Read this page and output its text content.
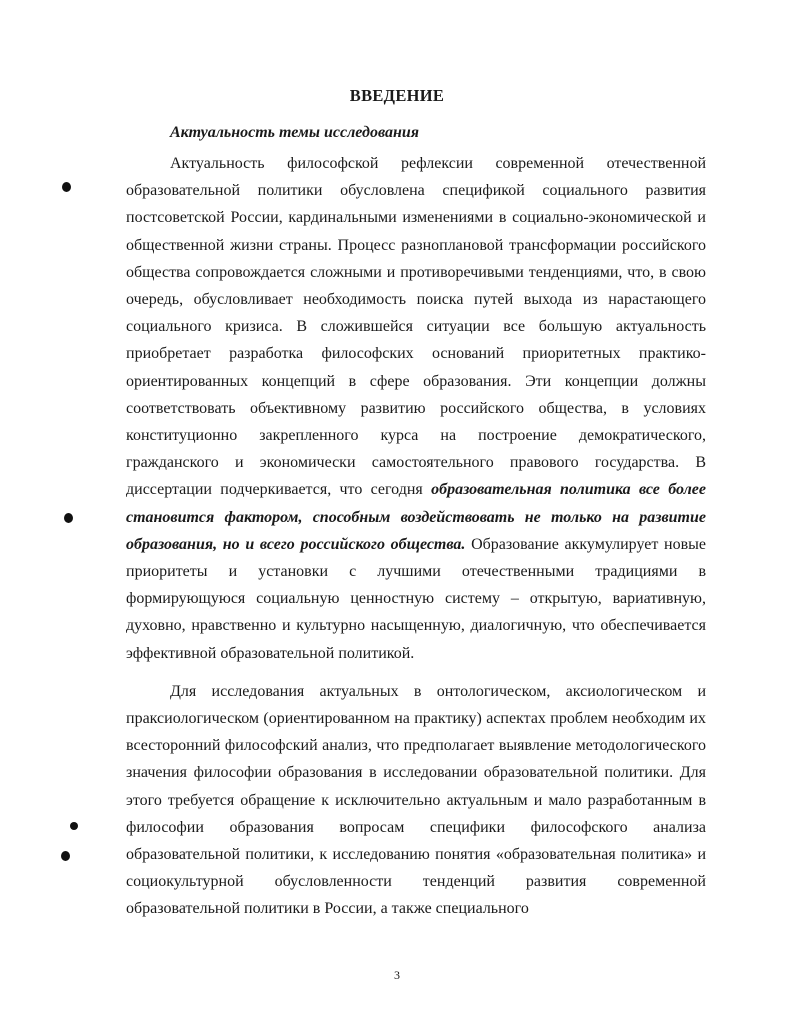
ВВЕДЕНИЕ
Актуальность темы исследования

Актуальность философской рефлексии современной отечественной образовательной политики обусловлена спецификой социального развития постсоветской России, кардинальными изменениями в социально-экономической и общественной жизни страны. Процесс разноплановой трансформации российского общества сопровождается сложными и противоречивыми тенденциями, что, в свою очередь, обусловливает необходимость поиска путей выхода из нарастающего социального кризиса. В сложившейся ситуации все большую актуальность приобретает разработка философских оснований приоритетных практико-ориентированных концепций в сфере образования. Эти концепции должны соответствовать объективному развитию российского общества, в условиях конституционно закрепленного курса на построение демократического, гражданского и экономически самостоятельного правового государства. В диссертации подчеркивается, что сегодня образовательная политика все более становится фактором, способным воздействовать не только на развитие образования, но и всего российского общества. Образование аккумулирует новые приоритеты и установки с лучшими отечественными традициями в формирующуюся социальную ценностную систему – открытую, вариативную, духовно, нравственно и культурно насыщенную, диалогичную, что обеспечивается эффективной образовательной политикой.

Для исследования актуальных в онтологическом, аксиологическом и праксиологическом (ориентированном на практику) аспектах проблем необходим их всесторонний философский анализ, что предполагает выявление методологического значения философии образования в исследовании образовательной политики. Для этого требуется обращение к исключительно актуальным и мало разработанным в философии образования вопросам специфики философского анализа образовательной политики, к исследованию понятия «образовательная политика» и социокультурной обусловленности тенденций развития современной образовательной политики в России, а также специального

3
